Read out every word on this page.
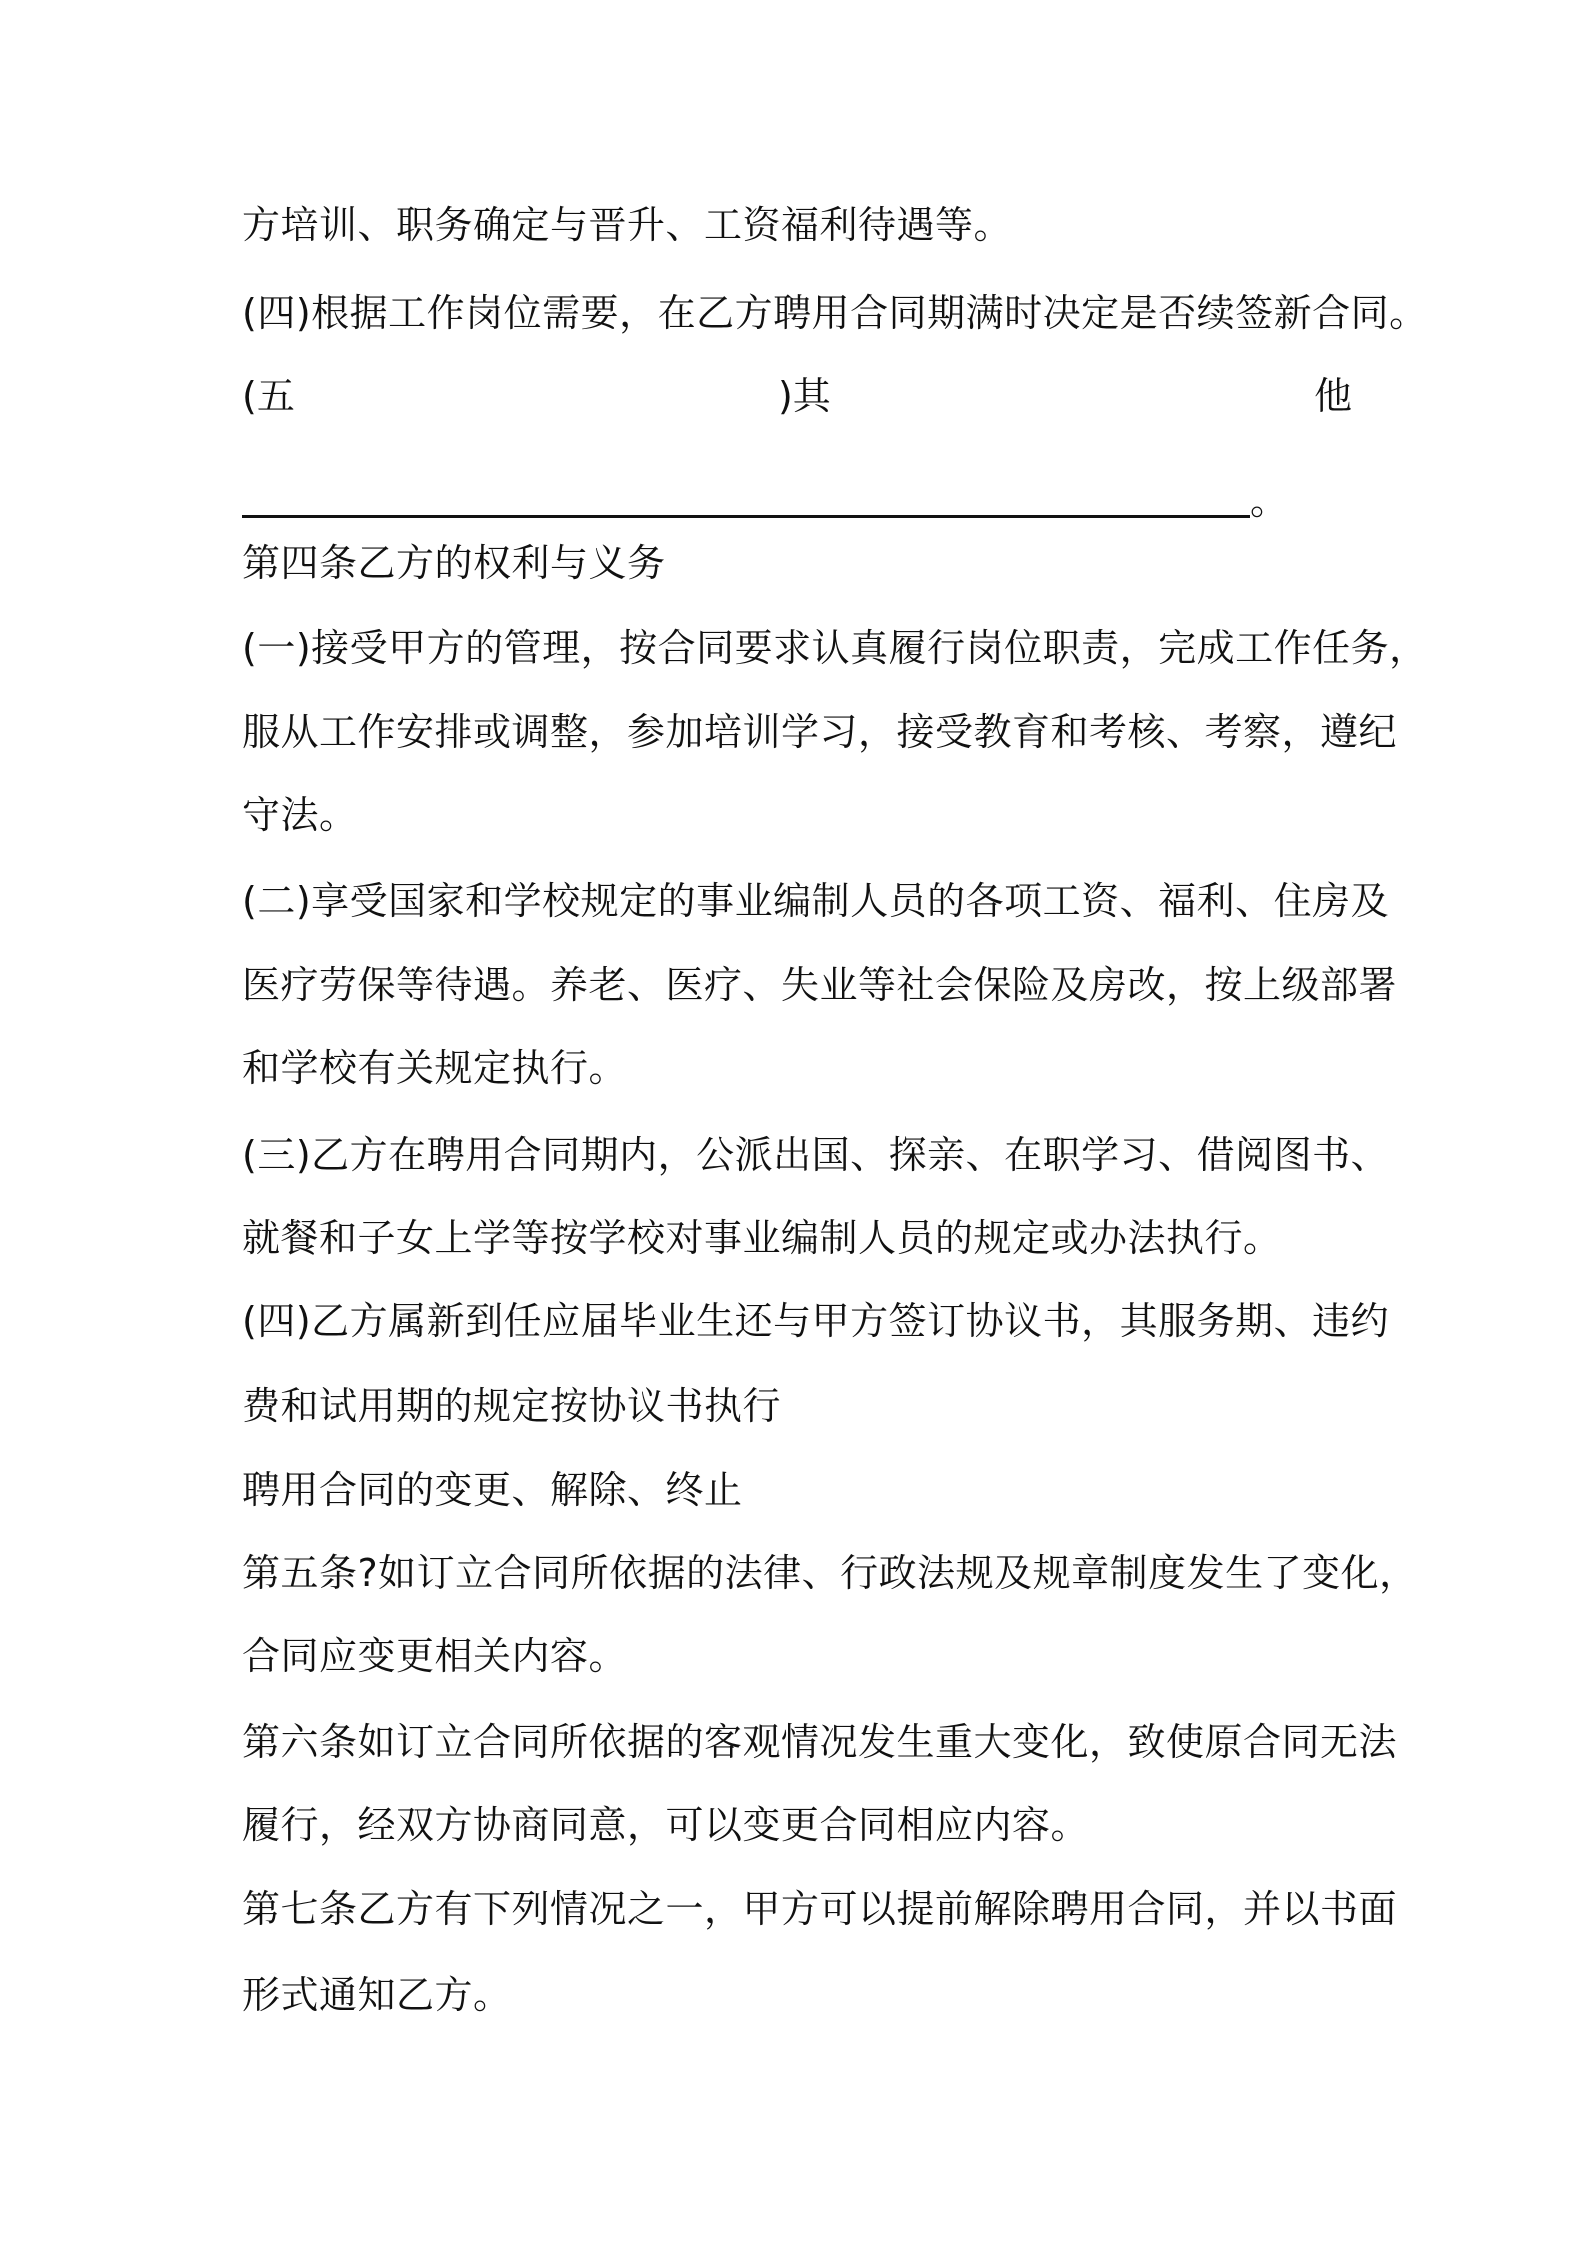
方培训、职务确定与晋升、工资福利待遇等。

(四)根据工作岗位需要，在乙方聘用合同期满时决定是否续签新合同。

(五	)其	他
。

第四条乙方的权利与义务

(一)接受甲方的管理，按合同要求认真履行岗位职责，完成工作任务，

服从工作安排或调整，参加培训学习，接受教育和考核、考察，遵纪

守法。

(二)享受国家和学校规定的事业编制人员的各项工资、福利、住房及

医疗劳保等待遇。养老、医疗、失业等社会保险及房改，按上级部署

和学校有关规定执行。

(三)乙方在聘用合同期内，公派出国、探亲、在职学习、借阅图书、

就餐和子女上学等按学校对事业编制人员的规定或办法执行。

(四)乙方属新到任应届毕业生还与甲方签订协议书，其服务期、违约

费和试用期的规定按协议书执行

聘用合同的变更、解除、终止

第五条?如订立合同所依据的法律、行政法规及规章制度发生了变化，

合同应变更相关内容。

第六条如订立合同所依据的客观情况发生重大变化，致使原合同无法

履行，经双方协商同意，可以变更合同相应内容。

第七条乙方有下列情况之一，甲方可以提前解除聘用合同，并以书面

形式通知乙方。
